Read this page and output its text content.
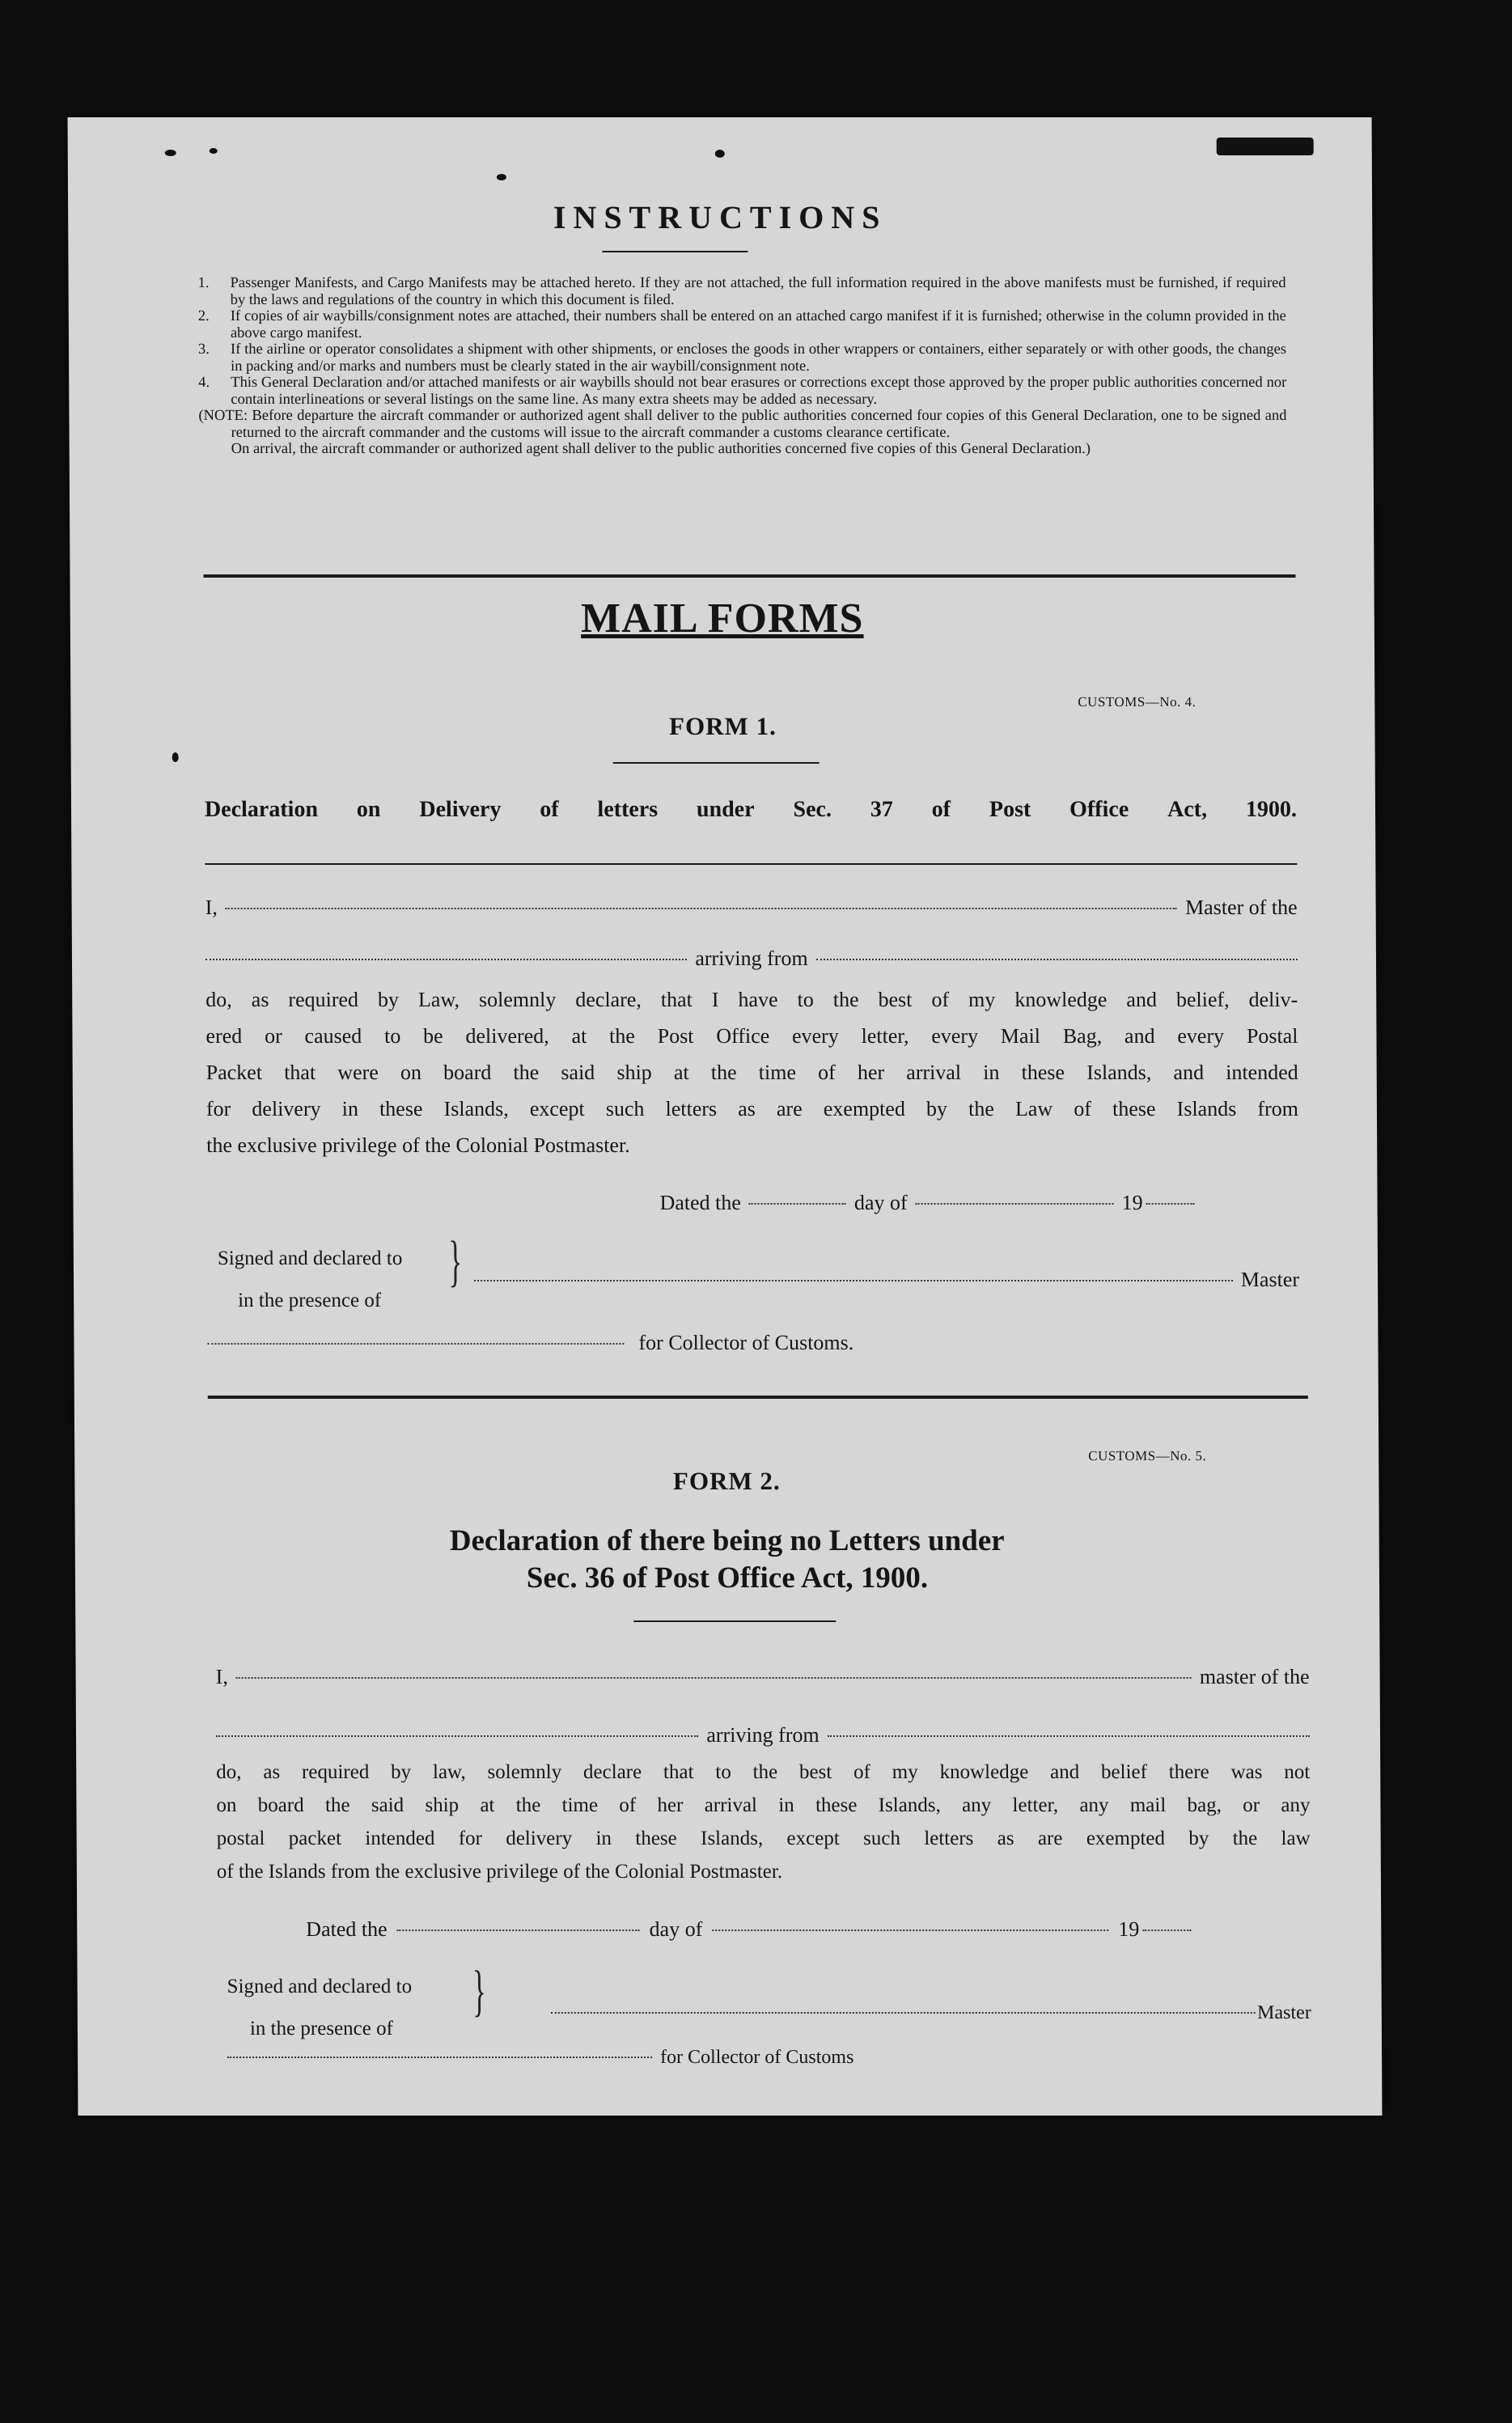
INSTRUCTIONS
1. Passenger Manifests, and Cargo Manifests may be attached hereto. If they are not attached, the full information required in the above manifests must be furnished, if required by the laws and regulations of the country in which this document is filed.
2. If copies of air waybills/consignment notes are attached, their numbers shall be entered on an attached cargo manifest if it is furnished; otherwise in the column provided in the above cargo manifest.
3. If the airline or operator consolidates a shipment with other shipments, or encloses the goods in other wrappers or containers, either separately or with other goods, the changes in packing and/or marks and numbers must be clearly stated in the air waybill/consignment note.
4. This General Declaration and/or attached manifests or air waybills should not bear erasures or corrections except those approved by the proper public authorities concerned nor contain interlineations or several listings on the same line. As many extra sheets may be added as necessary.
(NOTE: Before departure the aircraft commander or authorized agent shall deliver to the public authorities concerned four copies of this General Declaration, one to be signed and returned to the aircraft commander and the customs will issue to the aircraft commander a customs clearance certificate.
On arrival, the aircraft commander or authorized agent shall deliver to the public authorities concerned five copies of this General Declaration.)
MAIL FORMS
CUSTOMS—No. 4.
FORM 1.
Declaration on Delivery of letters under Sec. 37 of Post Office Act, 1900.
I,	Master of the
arriving from
do, as required by Law, solemnly declare, that I have to the best of my knowledge and belief, deliv-
ered or caused to be delivered, at the Post Office every letter, every Mail Bag, and every Postal
Packet that were on board the said ship at the time of her arrival in these Islands, and intended
for delivery in these Islands, except such letters as are exempted by the Law of these Islands from
the exclusive privilege of the Colonial Postmaster.
Dated the	day of	19
Signed and declared to
in the presence of
}	Master
for Collector of Customs.
CUSTOMS—No. 5.
FORM 2.
Declaration of there being no Letters under
Sec. 36 of Post Office Act, 1900.
I,	master of the
arriving from
do, as required by law, solemnly declare that to the best of my knowledge and belief there was not
on board the said ship at the time of her arrival in these Islands, any letter, any mail bag, or any
postal packet intended for delivery in these Islands, except such letters as are exempted by the law
of the Islands from the exclusive privilege of the Colonial Postmaster.
Dated the	day of	19
Signed and declared to
in the presence of
}	Master
for Collector of Customs
